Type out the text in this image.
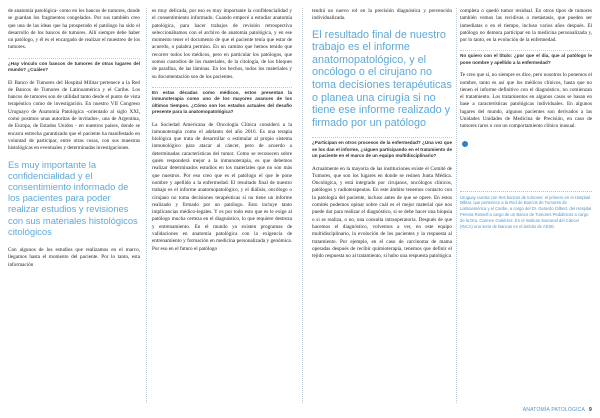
de anatomía patológica- como en los bancos de tumores, donde se guardan los fragmentos congelados. Por sus también creo que una de las ideas que ha prosperado el patólogo ha sido el desarrollo de los bancos de tumores. Allí siempre debe haber un patólogo, y él es el encargado de realizar el muestreo de los tumores.

¿Hay vínculo con bancos de tumores de otras lugares del mundo? ¿Cuáles?

El Banco de Tumores del Hospital Militar pertenece a la Red de Bancos de Tumores de Latinoamérica y el Caribe. Los bancos de tumores son de utilidad tanto desde el punto de vista terapéutico como de investigación. En nuestro VII Congreso Uruguayo de Anatomía Patológica -orientado al siglo XXI, como postmos unas autoritas de invitados-, una de Argentina, de Europa, de Estados Unidos - en nuestros países, donde se encarra estrecha garantizado que el paciente ha manifestado en voluntad de participar, entre otras cosas, con sus muestras histológicas en eventuales y determinadas investigaciones.

Es muy importante la confidencialidad y el consentimiento informado de los pacientes para poder realizar estudios y revisiones con sus materiales histológicos citológicos

Con algunos de los estudios que realizamos en el marco, llegamos hasta el momento del paciente. Por lo tanto, esta información

es muy delicada, por eso es muy importante la confidencialidad y el consentimiento informado. Cuando empecé a estudiar anatomía patológica, para hacer trabajos de revisión retrospectiva seleccionábamos con el archivo de anatomía patológica, y en ese momento tener el documento de que el paciente tenía que estar de acuerdo, o palabra permiso. En un camino que hemos tenido que recorrer todos los médicos, pero en particular los patólogos, que somos custodios de los materiales, de la citología, de los bloques de parafina, de las láminas. En los hechos, todos los materiales y su documentación son de los pacientes.

En estas décadas como médicos, estos presentan la inmunoterapia como uno de los mayores avances de los últimos tiempos. ¿Cómo son los estados actuales del desafío presente para la anatomopatológica?

La Sociedad Americana de Oncología Clínica consideró a la inmunoterapia como el adelanto del año 2016. Es una terapia biológica que trata de desarrollar o estimular al propio sistema inmunológico para atacar al cáncer, pero de acuerdo a determinadas características del tumor. Como se reconocen sobre quién responderá mejor a la inmunoterapia, es que debemos realizar determinados estudios en los materiales que no son más que nuestros. Por eso creo que es el patólogo el que le pone nombre y apellido a la enfermedad. El resultado final de nuestro trabajo es el informe anatomopatológico, y el diálisis, oncólogo o cirujano no toma decisiones terapéuticas si no tiene un informe realizado y firmado por un patólogo. Esto incluye tanto implicancias médico-legales. Y es por todo esto que es le exige al patólogo mucha certeza en el diagnóstico, lo que requiere destreza y entrenamiento. En el mundo ya existen programas de validaciones en anatomía patológica con la exigencia de entrenamiento y formación en medicina personalizada y genómica. Por eso en el futuro el patólogo

tendrá un nuevo rol en la precisión diagnóstica y prevención individualizada.

El resultado final de nuestro trabajo es el informe anatomopatológico, y el oncólogo o el cirujano no toma decisiones terapéuticas o planea una cirugía si no tiene ese informe realizado y firmado por un patólogo

¿Participan en otros procesos de la enfermedad? ¿Una vez que se los dan el informe, ¿siguen participando en el tratamiento de un paciente en el marco de un equipo multidisciplinario?

Actualmente en la mayoría de las instituciones existe el Comité de Tumores, que son los lugares en donde se reúnen Junta Médica. Oncológica, y está integrado por cirujanos, oncólogos clínicos, patólogos y radioterapeutas. En este ámbito tenemos contacto con la patología del paciente, incluso antes de que se opere. En estos comités podemos opinar sobre cuál es el mejor material que nos puede dar para realizar el diagnóstico, si se debe hacer una biopsia o si se realiza, o no, una consulta intraoperatoria. Después de que hacemos el diagnóstico, volvemos a ver, en este equipo multidisciplinario, la evolución de los pacientes y la respuesta al tratamiento. Por ejemplo, en el caso de carcinoma de mama operadas después de recibir quimioterapia, tenemos que definir el tejido respuesta no al tratamiento, si hubo una respuesta patológica

completa o quedó tumor residual. En otros tipos de tumores también vemos las recidivas o metástasis, que pueden ser inmediatas o en el tiempo, incluso varios años después. El patólogo no demora participar en la medicina personalizada y, por lo tanto, en la evolución de la enfermedad.

No quiero con el título: ¿por que el día, que al patólogo le pone nombre y apellido a la enfermedad?

Te creo que sí, no siempre es dice, pero nosotros lo ponemos el nombre, tanto es así que los médicos clínicos, hasta que no tienen el informe definitivo con el diagnóstico, no comienzan el tratamiento. Los tratamientos en algunos casos se basan en base a características patológicas individuales. En algunos lugares del mundo, algunos pacientes son derivados a las Unidades Unidades de Medicina de Precisión, en caso de tumores raros o con un comportamiento clínico inusual.

Uruguay cuenta con tres bancos de tumores: el primero en el Hospital Militar, que pertenece a la Red de Bancos de Tumores de Latinoamérica y el Caribe, a cargo del Dr. Gerardo Gilbert, del Hospital Pereira Rossell a cargo de un Banco de Tumores Pediátricos a cargo de la Dra. Carmen Gutiérrez. En el Instituto Nacional del Cáncer (INCA) una serie de Bancos en el ámbito de ASSE.
ANATOMÍA PATOLÓGICA 9
